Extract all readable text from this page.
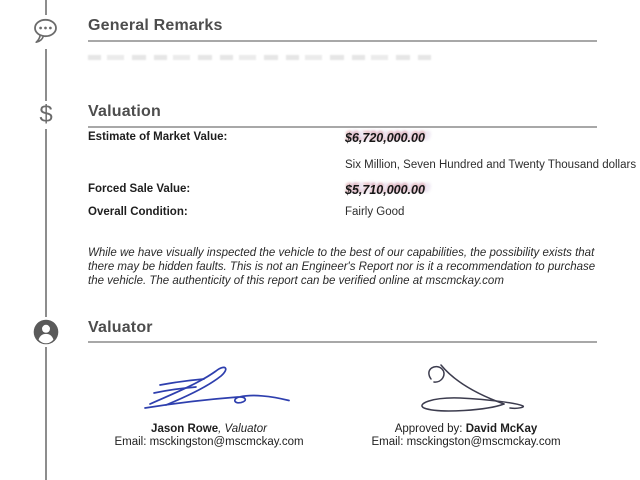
$
General Remarks
Valuation
Estimate of Market Value:	$6,720,000.00
Six Million, Seven Hundred and Twenty Thousand dollars
Forced Sale Value:	$5,710,000.00
Overall Condition:	Fairly Good

While we have visually inspected the vehicle to the best of our capabilities, the possibility exists that there may be hidden faults. This is not an Engineer's Report nor is it a recommendation to purchase the vehicle. The authenticity of this report can be verified online at mscmckay.com

Valuator
Jason Rowe, Valuator
Email: msckingston@mscmckay.com
Approved by: David McKay
Email: msckingston@mscmckay.com
